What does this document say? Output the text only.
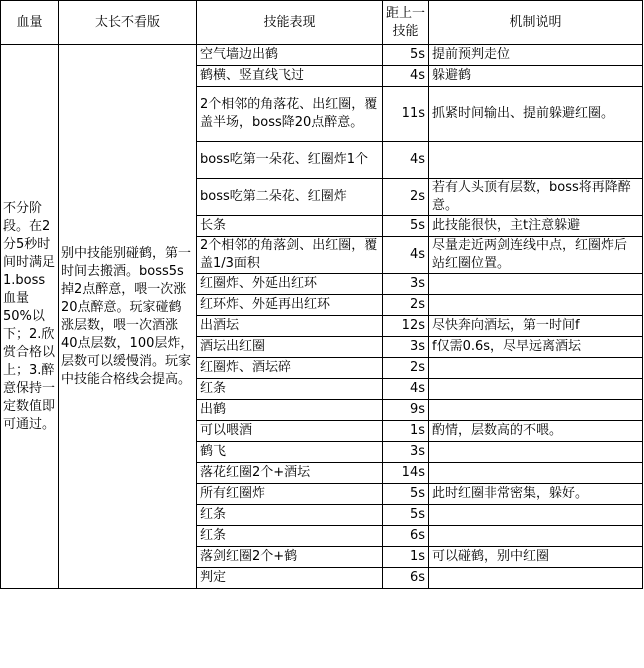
血量	太长不看版	技能表现	距上一技能	机制说明
不分阶段。在2分5秒时间时满足1.boss血量50%以下；2.欣赏合格以上；3.醉意保持一定数值即可通过。	别中技能别碰鹤，第一时间去搬酒。boss5s掉2点醉意，喂一次涨20点醉意。玩家碰鹤涨层数，喂一次酒涨40点层数，100层炸，层数可以缓慢消。玩家中技能合格线会提高。	空气墙边出鹤	5s	提前预判走位
		鹤横、竖直线飞过	4s	躲避鹤
		2个相邻的角落花、出红圈，覆盖半场，boss降20点醉意。	11s	抓紧时间输出、提前躲避红圈。
		boss吃第一朵花、红圈炸1个	4s	
		boss吃第二朵花、红圈炸	2s	若有人头顶有层数，boss将再降醉意。
		长条	5s	此技能很快，主t注意躲避
		2个相邻的角落剑、出红圈，覆盖1/3面积	4s	尽量走近两剑连线中点，红圈炸后站红圈位置。
		红圈炸、外延出红环	3s	
		红环炸、外延再出红环	2s	
		出酒坛	12s	尽快奔向酒坛，第一时间f
		酒坛出红圈	3s	f仅需0.6s，尽早远离酒坛
		红圈炸、酒坛碎	2s	
		红条	4s	
		出鹤	9s	
		可以喂酒	1s	酌情，层数高的不喂。
		鹤飞	3s	
		落花红圈2个+酒坛	14s	
		所有红圈炸	5s	此时红圈非常密集，躲好。
		红条	5s	
		红条	6s	
		落剑红圈2个+鹤	1s	可以碰鹤，别中红圈
		判定	6s	
